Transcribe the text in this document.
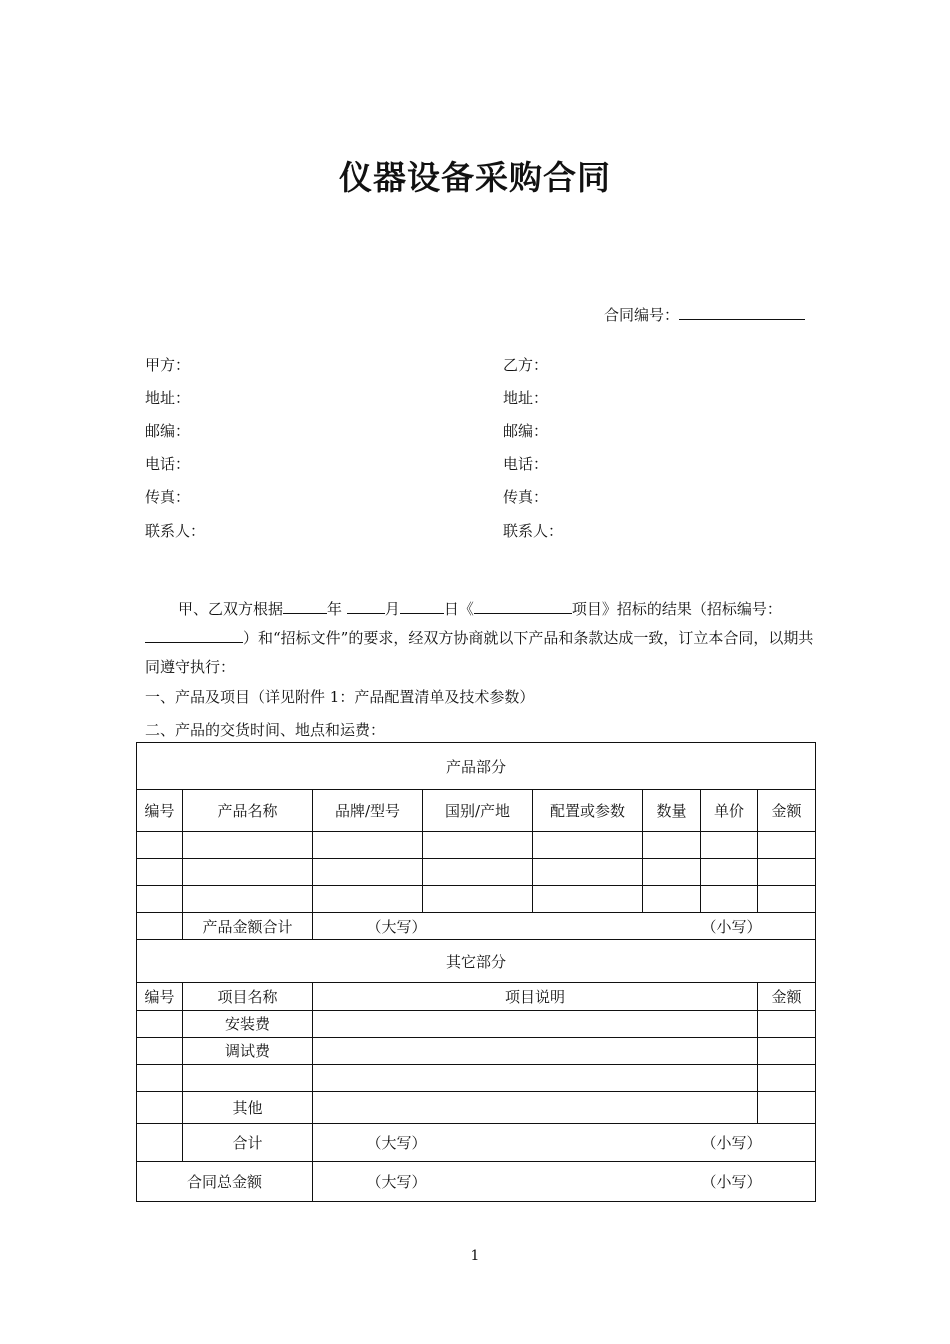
仪器设备采购合同
合同编号：
甲方：
地址：
邮编：
电话：
传真：
联系人：
乙方：
地址：
邮编：
电话：
传真：
联系人：
甲、乙双方根据	年	月	日《	项目》招标的结果（招标编号：）和“招标文件”的要求，经双方协商就以下产品和条款达成一致，订立本合同，以期共同遵守执行：
一、产品及项目（详见附件 1：产品配置清单及技术参数）
二、产品的交货时间、地点和运费：
产品部分							
编号	产品名称	品牌/型号	国别/产地	配置或参数	数量	单价	金额

	产品金额合计	（大写） （小写）					
其它部分							
编号	项目名称	项目说明					金额
	安装费						
	调试费						

	其他						
	合计	（大写） （小写）					
合同总金额		（大写） （小写）					
1
